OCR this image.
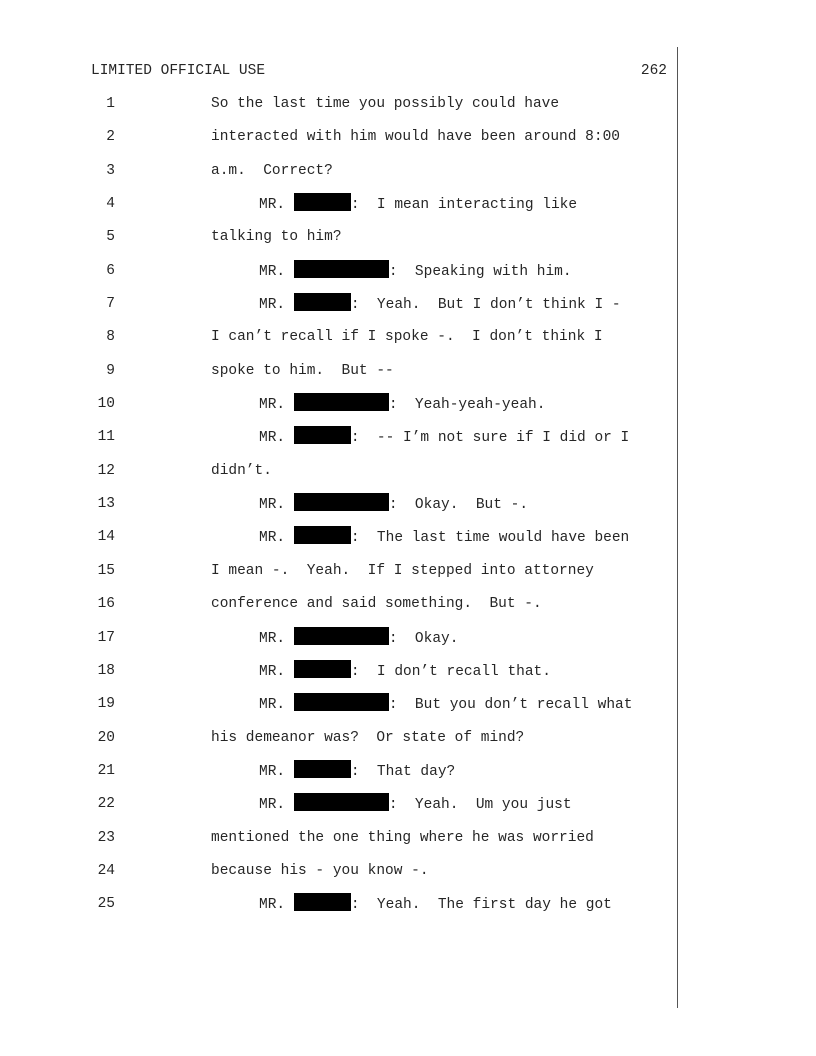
LIMITED OFFICIAL USE	262
1	So the last time you possibly could have
2	interacted with him would have been around 8:00
3	a.m.  Correct?
4	MR.	:  I mean interacting like
5	talking to him?
6	MR.	:  Speaking with him.
7	MR.	:  Yeah.  But I don’t think I -
8	I can’t recall if I spoke -.  I don’t think I
9	spoke to him.  But --
10	MR.	:  Yeah-yeah-yeah.
11	MR.	:  -- I’m not sure if I did or I
12	didn’t.
13	MR.	:  Okay.  But -.
14	MR.	:  The last time would have been
15	I mean -.  Yeah.  If I stepped into attorney
16	conference and said something.  But -.
17	MR.	:  Okay.
18	MR.	:  I don’t recall that.
19	MR.	:  But you don’t recall what
20	his demeanor was?  Or state of mind?
21	MR.	:  That day?
22	MR.	:  Yeah.  Um you just
23	mentioned the one thing where he was worried
24	because his - you know -.
25	MR.	:  Yeah.  The first day he got
